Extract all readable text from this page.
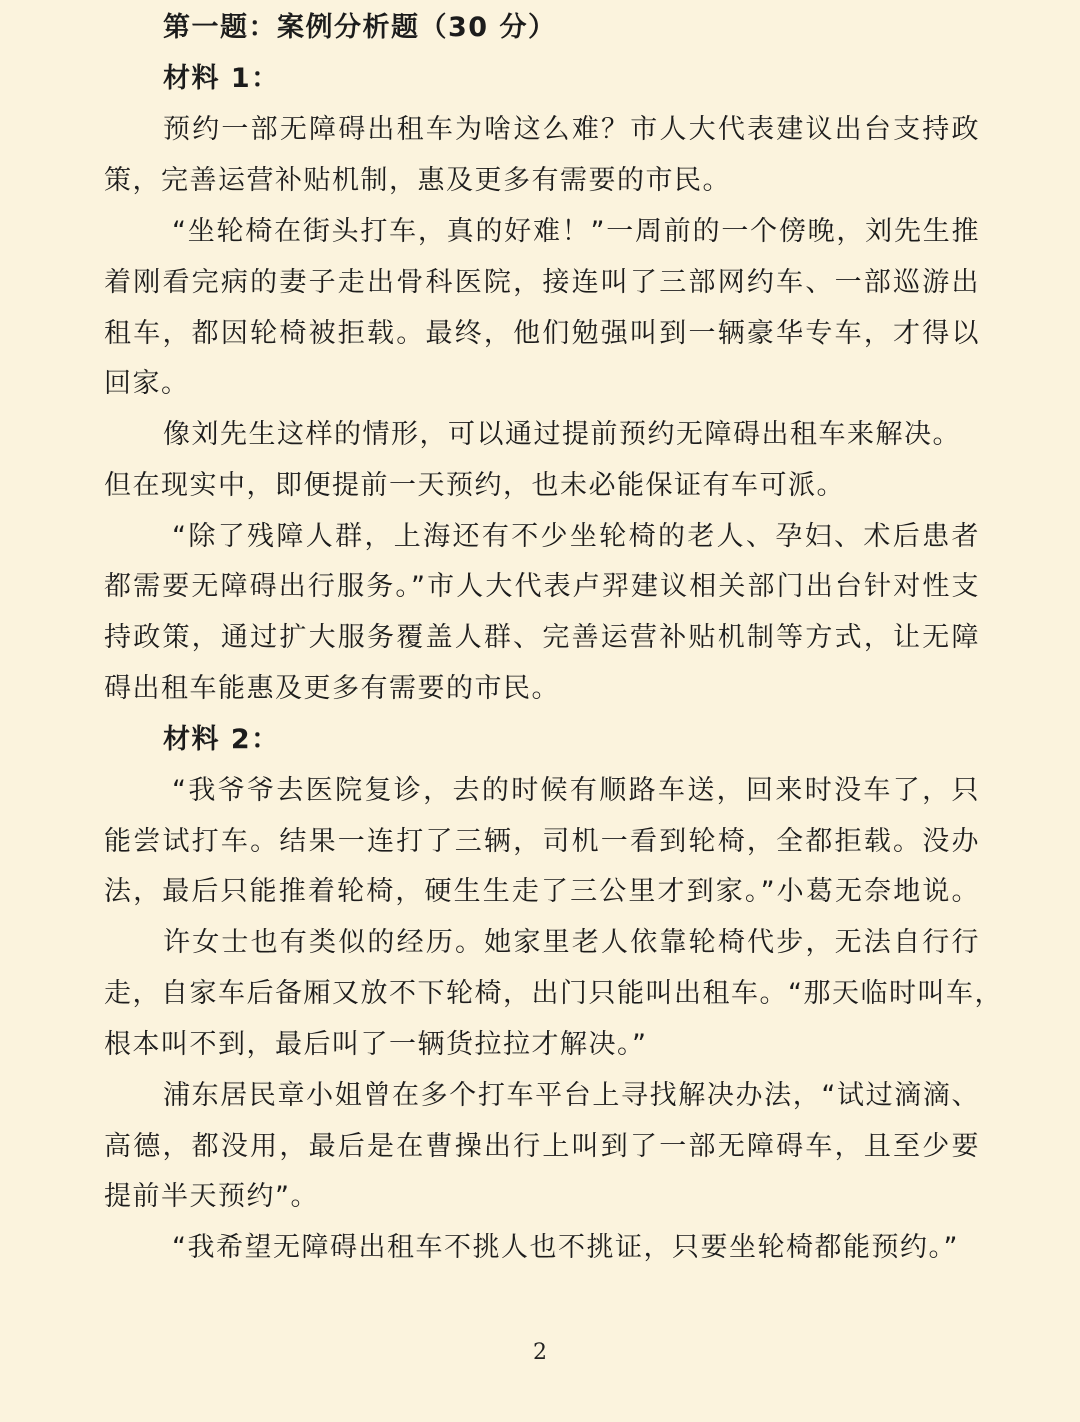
第一题：案例分析题（30 分）
材料 1：
预约一部无障碍出租车为啥这么难？市人大代表建议出台支持政
策，完善运营补贴机制，惠及更多有需要的市民。
“坐轮椅在街头打车，真的好难！”一周前的一个傍晚，刘先生推
着刚看完病的妻子走出骨科医院，接连叫了三部网约车、一部巡游出
租车，都因轮椅被拒载。最终，他们勉强叫到一辆豪华专车，才得以
回家。
像刘先生这样的情形，可以通过提前预约无障碍出租车来解决。
但在现实中，即便提前一天预约，也未必能保证有车可派。
“除了残障人群，上海还有不少坐轮椅的老人、孕妇、术后患者
都需要无障碍出行服务。”市人大代表卢羿建议相关部门出台针对性支
持政策，通过扩大服务覆盖人群、完善运营补贴机制等方式，让无障
碍出租车能惠及更多有需要的市民。
材料 2：
“我爷爷去医院复诊，去的时候有顺路车送，回来时没车了，只
能尝试打车。结果一连打了三辆，司机一看到轮椅，全都拒载。没办
法，最后只能推着轮椅，硬生生走了三公里才到家。”小葛无奈地说。
许女士也有类似的经历。她家里老人依靠轮椅代步，无法自行行
走，自家车后备厢又放不下轮椅，出门只能叫出租车。“那天临时叫车，
根本叫不到，最后叫了一辆货拉拉才解决。”
浦东居民章小姐曾在多个打车平台上寻找解决办法，“试过滴滴、
高德，都没用，最后是在曹操出行上叫到了一部无障碍车，且至少要
提前半天预约”。
“我希望无障碍出租车不挑人也不挑证，只要坐轮椅都能预约。”
2
